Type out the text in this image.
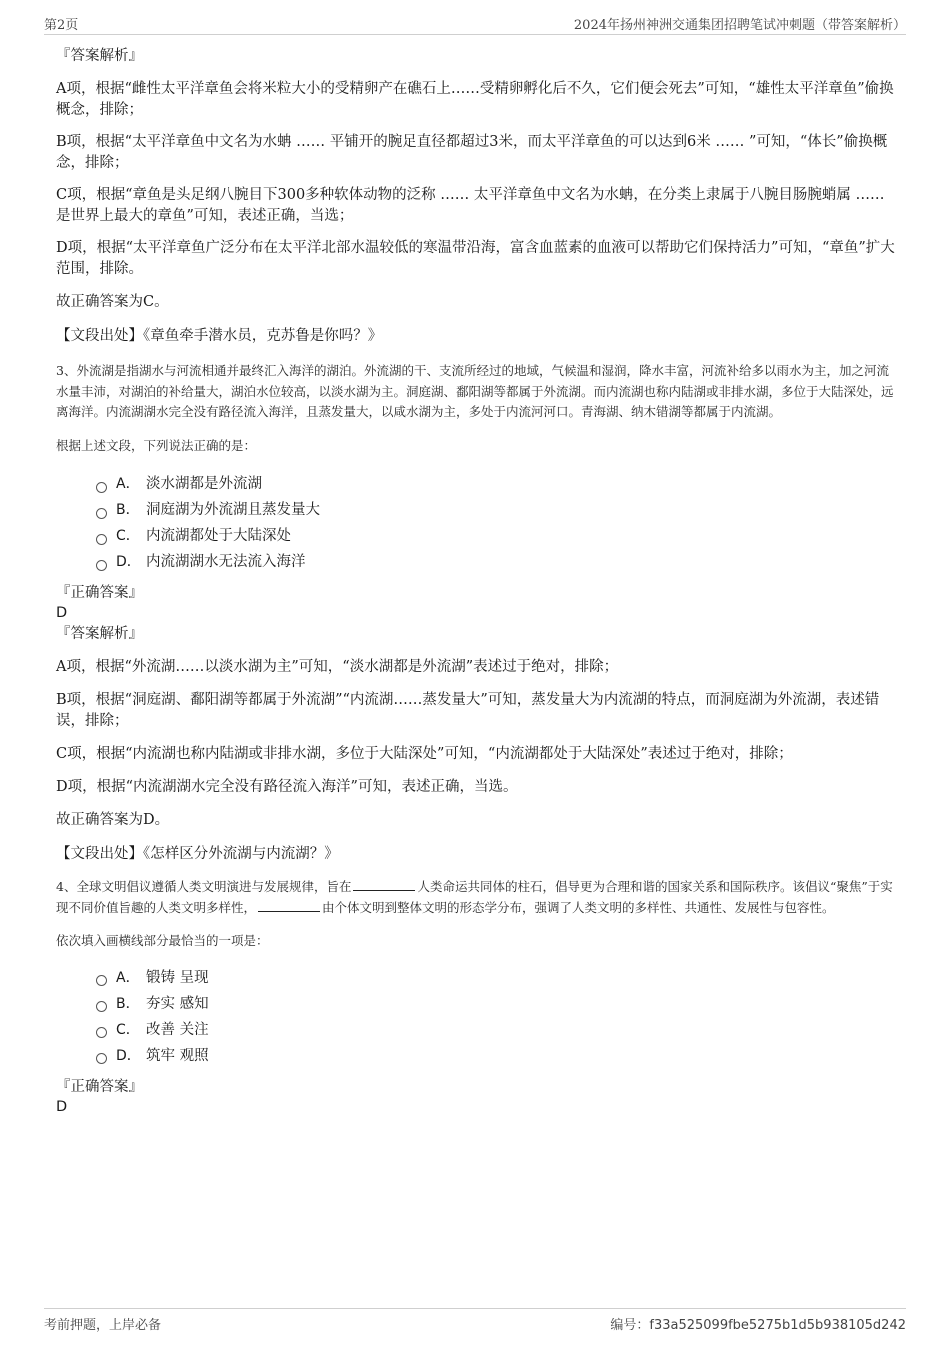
第2页	2024年扬州神洲交通集团招聘笔试冲刺题（带答案解析）

『答案解析』

A项，根据“雌性太平洋章鱼会将米粒大小的受精卵产在礁石上……受精卵孵化后不久，它们便会死去”可知，“雄性太平洋章鱼”偷换概念，排除；

B项，根据“太平洋章鱼中文名为水蚺 …… 平铺开的腕足直径都超过3米，而太平洋章鱼的可以达到6米 …… ”可知，“体长”偷换概念，排除；

C项，根据“章鱼是头足纲八腕目下300多种软体动物的泛称 …… 太平洋章鱼中文名为水蚺，在分类上隶属于八腕目肠腕蛸属 …… 是世界上最大的章鱼”可知，表述正确，当选；

D项，根据“太平洋章鱼广泛分布在太平洋北部水温较低的寒温带沿海，富含血蓝素的血液可以帮助它们保持活力”可知，“章鱼”扩大范围，排除。

故正确答案为C。

【文段出处】《章鱼牵手潜水员，克苏鲁是你吗？》

3、外流湖是指湖水与河流相通并最终汇入海洋的湖泊。外流湖的干、支流所经过的地域，气候温和湿润，降水丰富，河流补给多以雨水为主，加之河流水量丰沛，对湖泊的补给量大，湖泊水位较高，以淡水湖为主。洞庭湖、鄱阳湖等都属于外流湖。而内流湖也称内陆湖或非排水湖，多位于大陆深处，远离海洋。内流湖湖水完全没有路径流入海洋，且蒸发量大，以咸水湖为主，多处于内流河河口。青海湖、纳木错湖等都属于内流湖。

根据上述文段，下列说法正确的是：

A． 淡水湖都是外流湖
B． 洞庭湖为外流湖且蒸发量大
C． 内流湖都处于大陆深处
D． 内流湖湖水无法流入海洋

『正确答案』

D

『答案解析』

A项，根据“外流湖……以淡水湖为主”可知，“淡水湖都是外流湖”表述过于绝对，排除；

B项，根据“洞庭湖、鄱阳湖等都属于外流湖”“内流湖……蒸发量大”可知，蒸发量大为内流湖的特点，而洞庭湖为外流湖，表述错误，排除；

C项，根据“内流湖也称内陆湖或非排水湖，多位于大陆深处”可知，“内流湖都处于大陆深处”表述过于绝对，排除；

D项，根据“内流湖湖水完全没有路径流入海洋”可知，表述正确，当选。

故正确答案为D。

【文段出处】《怎样区分外流湖与内流湖？》

4、全球文明倡议遵循人类文明演进与发展规律，旨在	人类命运共同体的柱石，倡导更为合理和谐的国家关系和国际秩序。该倡议“聚焦”于实现不同价值旨趣的人类文明多样性，	由个体文明到整体文明的形态学分布，强调了人类文明的多样性、共通性、发展性与包容性。

依次填入画横线部分最恰当的一项是：

A． 锻铸 呈现
B． 夯实 感知
C． 改善 关注
D． 筑牢 观照

『正确答案』

D

考前押题，上岸必备	编号：f33a525099fbe5275b1d5b938105d242
